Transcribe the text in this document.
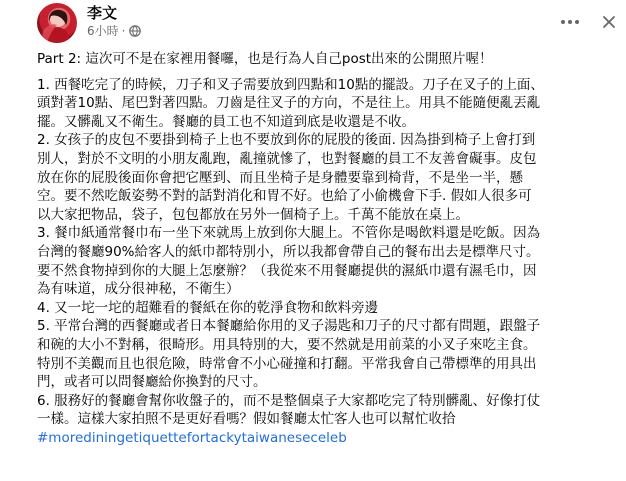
李文
6小時 ·

Part 2: 這次可不是在家裡用餐囉，也是行為人自己post出來的公開照片喔！

1. 西餐吃完了的時候，刀子和叉子需要放到四點和10點的擺設。刀子在叉子的上面、
頭對著10點、尾巴對著四點。刀齒是往叉子的方向，不是往上。用具不能隨便亂丟亂
擺。又髒亂又不衛生。餐廳的員工也不知道到底是收還是不收。

2. 女孩子的皮包不要掛到椅子上也不要放到你的屁股的後面. 因為掛到椅子上會打到
別人，對於不文明的小朋友亂跑，亂撞就慘了，也對餐廳的員工不友善會礙事。皮包
放在你的屁股後面你會把它壓到、而且坐椅子是身體要靠到椅背，不是坐一半，懸
空。要不然吃飯姿勢不對的話對消化和胃不好。也給了小偷機會下手. 假如人很多可
以大家把物品，袋子，包包都放在另外一個椅子上。千萬不能放在桌上。

3. 餐巾紙通常餐巾布一坐下來就馬上放到你大腿上。不管你是喝飲料還是吃飯。因為
台灣的餐廳90%給客人的紙巾都特別小，所以我都會帶自己的餐布出去是標準尺寸。
要不然食物掉到你的大腿上怎麼辦？（我從來不用餐廳提供的濕紙巾還有濕毛巾，因
為有味道，成分很神秘，不衛生）

4. 又一坨一坨的超難看的餐紙在你的乾淨食物和飲料旁邊

5. 平常台灣的西餐廳或者日本餐廳給你用的叉子湯匙和刀子的尺寸都有問題，跟盤子
和碗的大小不對稱，很畸形。用具特別的大，要不然就是用前菜的小叉子來吃主食。
特別不美觀而且也很危險，時常會不小心碰撞和打翻。平常我會自己帶標準的用具出
門，或者可以問餐廳給你換對的尺寸。

6. 服務好的餐廳會幫你收盤子的，而不是整個桌子大家都吃完了特別髒亂、好像打仗
一樣。這樣大家拍照不是更好看嗎？假如餐廳太忙客人也可以幫忙收拾

#morediningetiquettefortackytaiwaneseceleb
